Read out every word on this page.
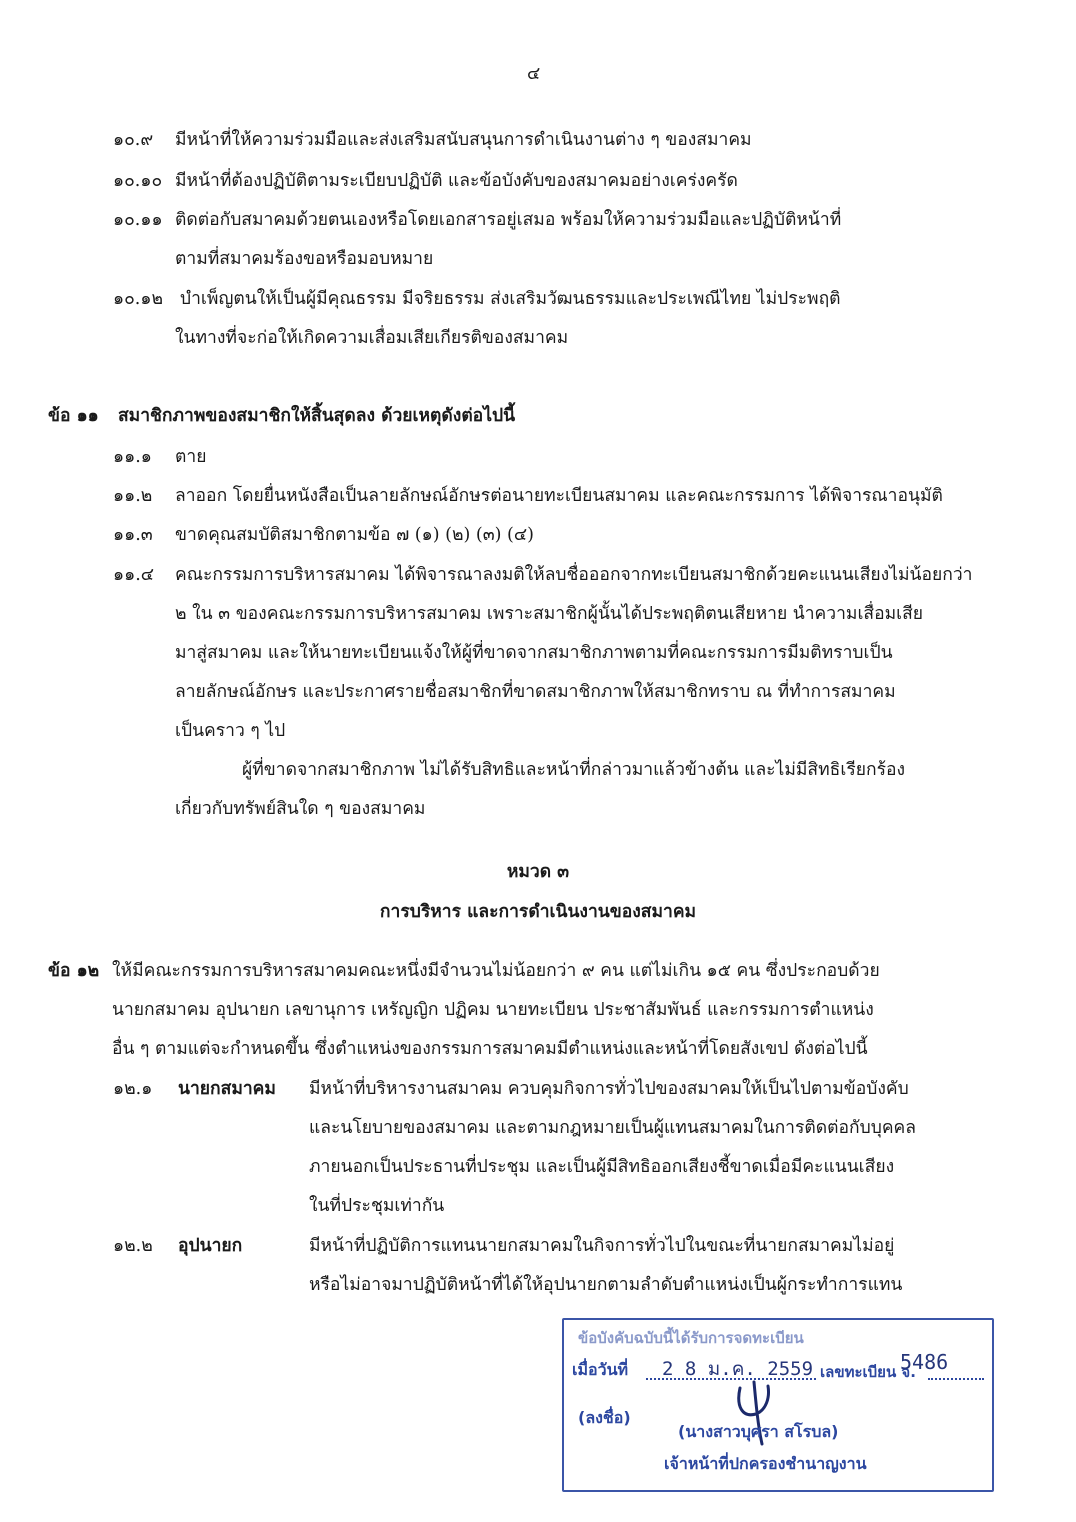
๔
๑๐.๙ มีหน้าที่ให้ความร่วมมือและส่งเสริมสนับสนุนการดำเนินงานต่าง ๆ ของสมาคม
๑๐.๑๐ มีหน้าที่ต้องปฏิบัติตามระเบียบปฏิบัติ และข้อบังคับของสมาคมอย่างเคร่งครัด
๑๐.๑๑ ติดต่อกับสมาคมด้วยตนเองหรือโดยเอกสารอยู่เสมอ พร้อมให้ความร่วมมือและปฏิบัติหน้าที่
ตามที่สมาคมร้องขอหรือมอบหมาย
๑๐.๑๒ บำเพ็ญตนให้เป็นผู้มีคุณธรรม มีจริยธรรม ส่งเสริมวัฒนธรรมและประเพณีไทย ไม่ประพฤติ
ในทางที่จะก่อให้เกิดความเสื่อมเสียเกียรติของสมาคม
ข้อ ๑๑ สมาชิกภาพของสมาชิกให้สิ้นสุดลง ด้วยเหตุดังต่อไปนี้
๑๑.๑ ตาย
๑๑.๒ ลาออก โดยยื่นหนังสือเป็นลายลักษณ์อักษรต่อนายทะเบียนสมาคม และคณะกรรมการ ได้พิจารณาอนุมัติ
๑๑.๓ ขาดคุณสมบัติสมาชิกตามข้อ ๗ (๑) (๒) (๓) (๔)
๑๑.๔ คณะกรรมการบริหารสมาคม ได้พิจารณาลงมติให้ลบชื่อออกจากทะเบียนสมาชิกด้วยคะแนนเสียงไม่น้อยกว่า
๒ ใน ๓ ของคณะกรรมการบริหารสมาคม เพราะสมาชิกผู้นั้นได้ประพฤติตนเสียหาย นำความเสื่อมเสีย
มาสู่สมาคม และให้นายทะเบียนแจ้งให้ผู้ที่ขาดจากสมาชิกภาพตามที่คณะกรรมการมีมติทราบเป็น
ลายลักษณ์อักษร และประกาศรายชื่อสมาชิกที่ขาดสมาชิกภาพให้สมาชิกทราบ ณ ที่ทำการสมาคม
เป็นคราว ๆ ไป
ผู้ที่ขาดจากสมาชิกภาพ ไม่ได้รับสิทธิและหน้าที่กล่าวมาแล้วข้างต้น และไม่มีสิทธิเรียกร้อง
เกี่ยวกับทรัพย์สินใด ๆ ของสมาคม
หมวด ๓
การบริหาร และการดำเนินงานของสมาคม
ข้อ ๑๒ ให้มีคณะกรรมการบริหารสมาคมคณะหนึ่งมีจำนวนไม่น้อยกว่า ๙ คน แต่ไม่เกิน ๑๕ คน ซึ่งประกอบด้วย
นายกสมาคม อุปนายก เลขานุการ เหรัญญิก ปฏิคม นายทะเบียน ประชาสัมพันธ์ และกรรมการตำแหน่ง
อื่น ๆ ตามแต่จะกำหนดขึ้น ซึ่งตำแหน่งของกรรมการสมาคมมีตำแหน่งและหน้าที่โดยสังเขป ดังต่อไปนี้
๑๒.๑ นายกสมาคม มีหน้าที่บริหารงานสมาคม ควบคุมกิจการทั่วไปของสมาคมให้เป็นไปตามข้อบังคับ
และนโยบายของสมาคม และตามกฎหมายเป็นผู้แทนสมาคมในการติดต่อกับบุคคล
ภายนอกเป็นประธานที่ประชุม และเป็นผู้มีสิทธิออกเสียงชี้ขาดเมื่อมีคะแนนเสียง
ในที่ประชุมเท่ากัน
๑๒.๒ อุปนายก	มีหน้าที่ปฏิบัติการแทนนายกสมาคมในกิจการทั่วไปในขณะที่นายกสมาคมไม่อยู่
หรือไม่อาจมาปฏิบัติหน้าที่ได้ให้อุปนายกตามลำดับตำแหน่งเป็นผู้กระทำการแทน
ข้อบังคับฉบับนี้ได้รับการจดทะเบียน
เมื่อวันที่ 2 8 ม.ค. 2559 เลขทะเบียน จ.
5486
(ลงชื่อ)
(นางสาวบุศรา สโรบล)
เจ้าหน้าที่ปกครองชำนาญงาน
